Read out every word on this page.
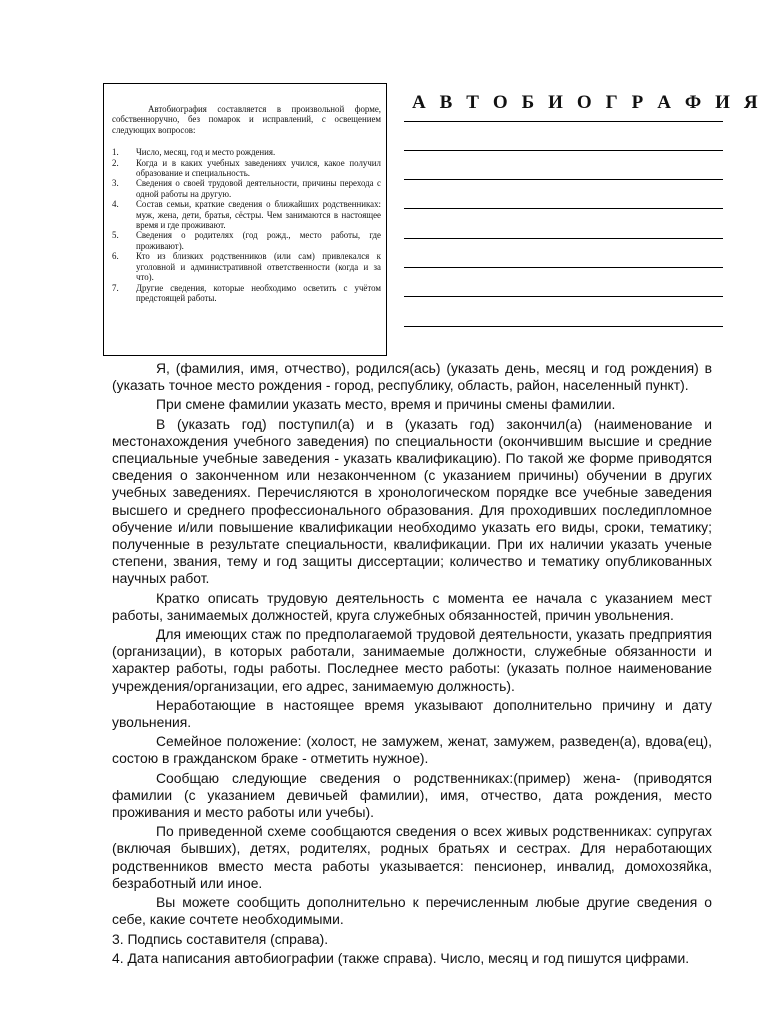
Автобиография составляется в произвольной форме, собственноручно, без помарок и исправлений, с освещением следующих вопросов:

1.	Число, месяц, год и место рождения.
2.	Когда и в каких учебных заведениях учился, какое получил образование и специальность.
3.	Сведения о своей трудовой деятельности, причины перехода с одной работы на другую.
4.	Состав семьи, краткие сведения о ближайших родственниках: муж, жена, дети, братья, сёстры. Чем занимаются в настоящее время и где проживают.
5.	Сведения о родителях (год рожд., место работы, где проживают).
6.	Кто из близких родственников (или сам) привлекался к уголовной и административной ответственности (когда и за что).
7.	Другие сведения, которые необходимо осветить с учётом предстоящей работы.
А В Т О Б И О Г Р А Ф И Я

Я, (фамилия, имя, отчество), родился(ась) (указать день, месяц и год рождения) в (указать точное место рождения - город, республику, область, район, населенный пункт).

При смене фамилии указать место, время и причины смены фамилии.

В (указать год) поступил(а) и в (указать год) закончил(а) (наименование и местонахождения учебного заведения) по специальности (окончившим высшие и средние специальные учебные заведения - указать квалификацию). По такой же форме приводятся сведения о законченном или незаконченном (с указанием причины) обучении в других учебных заведениях. Перечисляются в хронологическом порядке все учебные заведения высшего и среднего профессионального образования. Для проходивших последипломное обучение и/или повышение квалификации необходимо указать его виды, сроки, тематику; полученные в результате специальности, квалификации. При их наличии указать ученые степени, звания, тему и год защиты диссертации; количество и тематику опубликованных научных работ.

Кратко описать трудовую деятельность с момента ее начала с указанием мест работы, занимаемых должностей, круга служебных обязанностей, причин увольнения.

Для имеющих стаж по предполагаемой трудовой деятельности, указать предприятия (организации), в которых работали, занимаемые должности, служебные обязанности и характер работы, годы работы. Последнее место работы: (указать полное наименование учреждения/организации, его адрес, занимаемую должность).

Неработающие в настоящее время указывают дополнительно причину и дату увольнения.

Семейное положение: (холост, не замужем, женат, замужем, разведен(а), вдова(ец), состою в гражданском браке - отметить нужное).

Сообщаю следующие сведения о родственниках:(пример) жена- (приводятся фамилии (с указанием девичьей фамилии), имя, отчество, дата рождения, место проживания и место работы или учебы).

По приведенной схеме сообщаются сведения о всех живых родственниках: супругах (включая бывших), детях, родителях, родных братьях и сестрах. Для неработающих родственников вместо места работы указывается: пенсионер, инвалид, домохозяйка, безработный или иное.

Вы можете сообщить дополнительно к перечисленным любые другие сведения о себе, какие сочтете необходимыми.

3. Подпись составителя (справа).

4. Дата написания автобиографии (также справа). Число, месяц и год пишутся цифрами.
